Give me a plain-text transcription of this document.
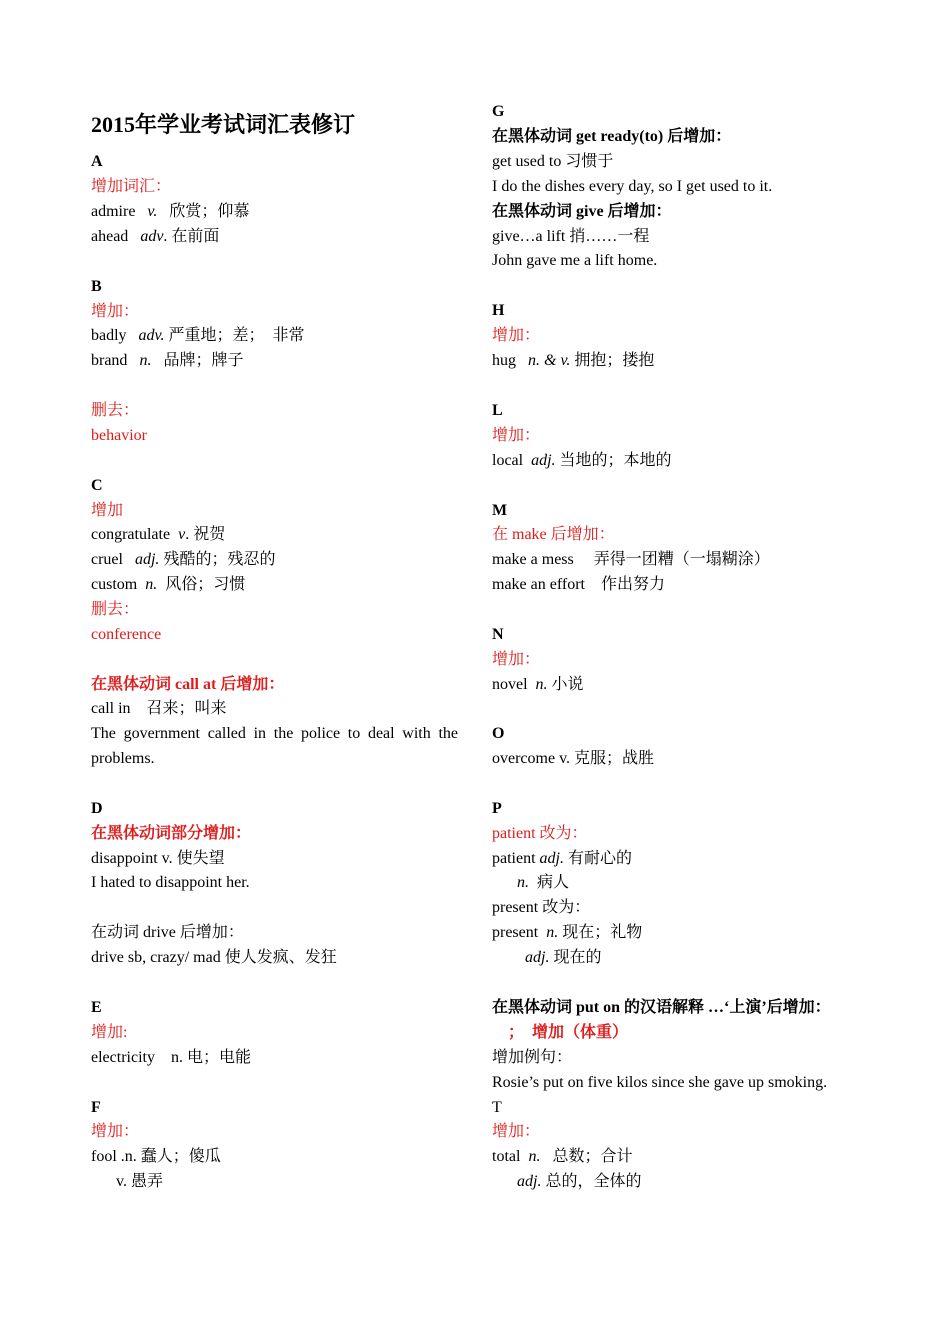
2015年学业考试词汇表修订
A
增加词汇：
admire v. 欣赏；仰慕
ahead adv. 在前面
B
增加：
badly adv. 严重地；差；　非常
brand n. 品牌；牌子
删去：
behavior
C
增加
congratulate v. 祝贺
cruel adj. 残酷的；残忍的
custom n. 风俗；习惯
删去：
conference
在黑体动词 call at 后增加：
call in　召来；叫来
The government called in the police to deal with the
problems.
D
在黑体动词部分增加：
disappoint v. 使失望
I hated to disappoint her.
在动词 drive 后增加：
drive sb, crazy/ mad 使人发疯、发狂
E
增加:
electricity　n. 电；电能
F
增加：
fool .n. 蠢人；傻瓜
v. 愚弄
G
在黑体动词 get ready(to) 后增加：
get used to 习惯于
I do the dishes every day, so I get used to it.
在黑体动词 give 后增加：
give…a lift 捎……一程
John gave me a lift home.
H
增加：
hug n. & v. 拥抱；搂抱
L
增加：
local adj. 当地的；本地的
M
在 make 后增加：
make a mess　 弄得一团糟（一塌糊涂）
make an effort　作出努力
N
增加：
novel n. 小说
O
overcome v. 克服；战胜
P
patient 改为：
patient adj. 有耐心的
n. 病人
present 改为：
present n. 现在；礼物
adj. 现在的
在黑体动词 put on 的汉语解释 …‘上演’后增加：
；　增加（体重）
增加例句：
Rosie’s put on five kilos since she gave up smoking.
T
增加：
total n. 总数；合计
adj. 总的，全体的
